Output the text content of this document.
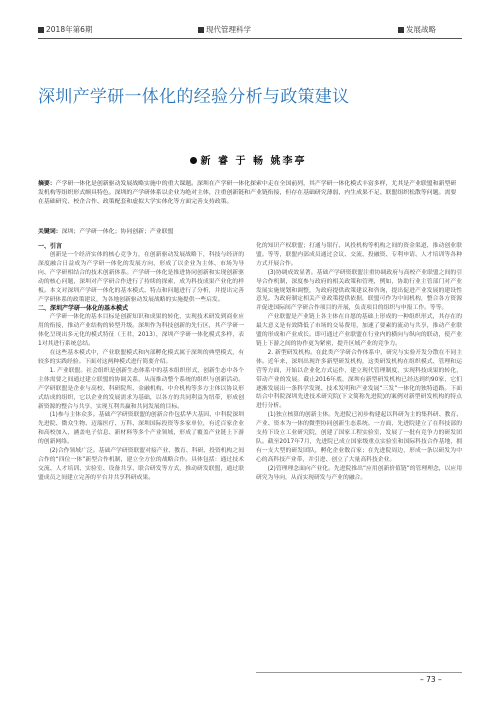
2018年第6期	现代管理科学	发展战略
深圳产学研一体化的经验分析与政策建议
新 睿 于 畅 姚李亭
摘要：产学研一体化是创新驱动发展战略实施中的重大课题。深圳在产学研一体化探索中走在全国前列，其产学研一体化模式丰富多样，尤其是产业联盟和新型研发机构等组织形式颇具特色。深圳的产学研体系以企业为绝对主体，注重创新链和产业链衔接，但存在基础研究薄弱、内生成果不足、联盟组织松散等问题。需要在基础研究、校企合作、政策配套和虚拟大学实体化等方面完善支持政策。
关键词：深圳；产学研一体化；协同创新；产业联盟
一、引言

创新是一个经济实体的核心竞争力，在创新驱动发展战略下，科技与经济的深度融合日益成为产学研一体化的发展方向，形成了以企业为主体、市场为导向、产学研相结合的技术创新体系。产学研一体化是推进协同创新和实现创新驱动的核心问题，深圳对产学研合作进行了持续的探索，成为科技成果产业化的样板。本文对深圳产学研一体化的基本模式、特点和问题进行了分析，并提出完善产学研体系的政策建议，为各地创新驱动发展战略的实施提供一些启发。

二、深圳产学研一体化的基本模式

产学研一体化的基本目标是创新知识和成果的转化，实现技术研发到商业应用的衔接，推动产业结构的转型升级。深圳作为科技创新的先行区，其产学研一体化呈现出多元化的模式特征（王君，2013），深圳产学研一体化模式多样，表1对其进行系统总结。

在这些基本模式中，产业联盟模式和内部孵化模式属于深圳的典型模式，有较多的实践经验。下面对这两种模式进行简要介绍。

1. 产业联盟。社会组织是创新生态体系中的基本组织形式，创新生态中各个主体需要之间通过建立联盟的协调关系，从而推动整个系统的组织与创新活动。产学研联盟是企业与高校、科研院所、金融机构、中介机构等多方主体以协议形式结成的组织，它以企业的发展需求为基础，以各方的共同利益为纽带，形成创新资源的整合与共享，实现互利共赢和共同发展的目标。

(1)参与主体众多。基础产学研资联盟的创新合作包括华大基因、中科院深圳先进院、微众生物、迈瑞医疗、万科、深圳国际投资等多家单位，有近百家企业和高校加入，涵盖电子信息、新材料等多个产业领域，形成了覆盖产业链上下游的创新网络。

(2)合作领域广泛。基础产学研资联盟对接产业、教育、科研、投资机构之间合作的“四位一体”新型合作机制，建立全方位的战略合作。具体包括：通过技术交流、人才培训、实验室、设备共享、联合研发等方式，推动研发联盟，通过联盟成员之间建立完善的平台并共享科研成果。

化的知识产权联盟；打通与银行、风投机构等机构之间的资金渠道，推动创业联盟。等等，联盟内部成员通过会议、交流、投融资、专利申请、人才培训等各种方式开展合作。

(3)协调成效显著。基础产学研资联盟注重协调政府与高校产业联盟之间的引导合作机制，深度参与政府的相关政策和管理，例如，协助行业主管部门对产业发展实施规划和调整，为政府提供政策建议和咨询，提出促进产业发展的建设性意见。为政府制定相关产业政策提供依据，联盟可作为中间机构，整合各方资源并促进国际间产学研合作项目的开展，负责项目的组织与申报工作。等等。

产业联盟是产业链上各主体在自愿的基础上形成的一种组织形式，其存在的最大意义是有效降低了市场的交易费用，加速了要素的流动与共享，推动产业联盟的形成和产业成长。即可通过产业联盟在行业内的横向与纵向的联动，使产业链上下游之间的协作更为紧密，提升区域产业的竞争力。

2. 新型研发机构。在此类产学研合作体系中，研究与实验开发分散在不同主体。近年来，深圳出现许多新型研发机构，这类研发机构在组织模式、管理和运营等方面，开始以企业化方式运作，建立现代管理制度，实现科技成果的转化，带动产业的发展。截止2016年底，深圳有新型研发机构已经达到约90家，它们逐渐发展出一条科学发现、技术发明和产业发展“三发”一体化的独特道路。下面结合中科院深圳先进技术研究院(下文简称先进院)的案例对新型研发机构的特点进行分析。

(1)独立核算的创新主体。先进院已初步构建起以科研为主的集科研、教育、产业、资本为一体的微型协同创新生态系统。一方面，先进院建立了在科技部的支持下设立工业研究院，创建了国家工程实验室，发展了一批有竞争力的研发团队。截至2017年7月，先进院已成立国家级重点实验室和国际科技合作基地，拥有一支大型的研发团队，孵化企业数百家；在先进院周边，形成一条以研发为中心的高科技产业带，并引进、创立了大量高科技企业。

(2)管理理念面向产业化。先进院推出“应用创新价值链”的管理理念，以应用研究为导向，从而实现研发与产业的融合。

– 73 –
